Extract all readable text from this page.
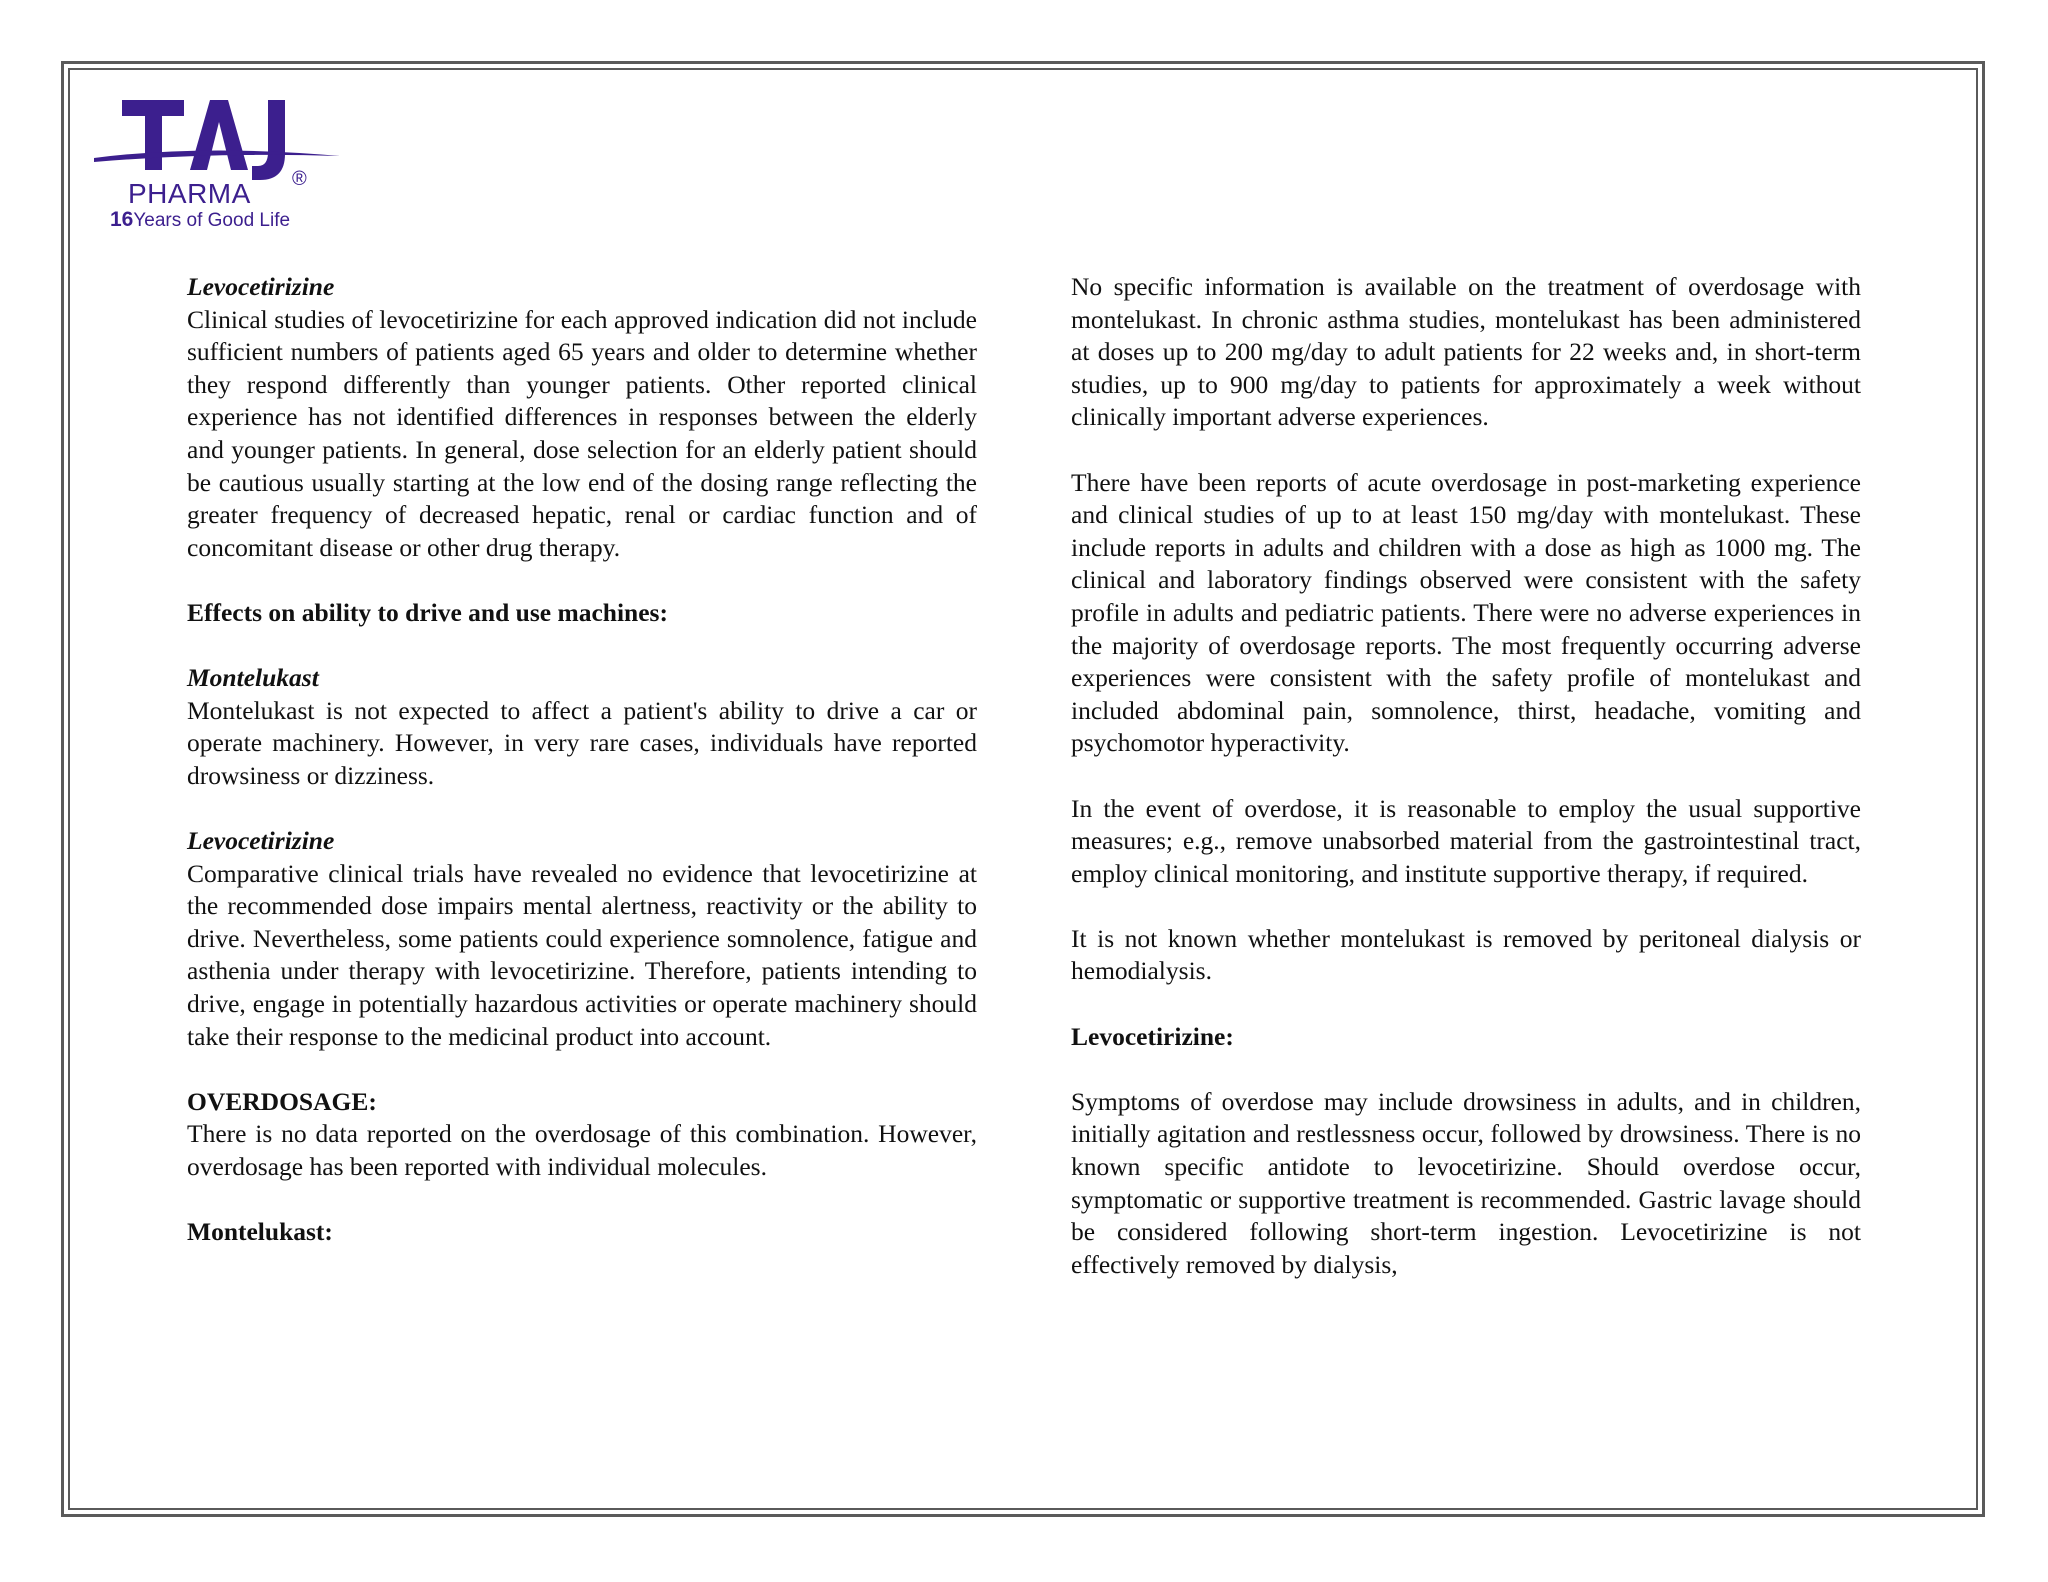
®
PHARMA
16Years of Good Life

Levocetirizine

Clinical studies of levocetirizine for each approved indication did not include sufficient numbers of patients aged 65 years and older to determine whether they respond differently than younger patients. Other reported clinical experience has not identified differences in responses between the elderly and younger patients. In general, dose selection for an elderly patient should be cautious usually starting at the low end of the dosing range reflecting the greater frequency of decreased hepatic, renal or cardiac function and of concomitant disease or other drug therapy.

Effects on ability to drive and use machines:

Montelukast

Montelukast is not expected to affect a patient's ability to drive a car or operate machinery. However, in very rare cases, individuals have reported drowsiness or dizziness.

Levocetirizine

Comparative clinical trials have revealed no evidence that levocetirizine at the recommended dose impairs mental alertness, reactivity or the ability to drive. Nevertheless, some patients could experience somnolence, fatigue and asthenia under therapy with levocetirizine. Therefore, patients intending to drive, engage in potentially hazardous activities or operate machinery should take their response to the medicinal product into account.

OVERDOSAGE:

There is no data reported on the overdosage of this combination. However, overdosage has been reported with individual molecules.

Montelukast:

No specific information is available on the treatment of overdosage with montelukast. In chronic asthma studies, montelukast has been administered at doses up to 200 mg/day to adult patients for 22 weeks and, in short-term studies, up to 900 mg/day to patients for approximately a week without clinically important adverse experiences.

There have been reports of acute overdosage in post-marketing experience and clinical studies of up to at least 150 mg/day with montelukast. These include reports in adults and children with a dose as high as 1000 mg. The clinical and laboratory findings observed were consistent with the safety profile in adults and pediatric patients. There were no adverse experiences in the majority of overdosage reports. The most frequently occurring adverse experiences were consistent with the safety profile of montelukast and included abdominal pain, somnolence, thirst, headache, vomiting and psychomotor hyperactivity.

In the event of overdose, it is reasonable to employ the usual supportive measures; e.g., remove unabsorbed material from the gastrointestinal tract, employ clinical monitoring, and institute supportive therapy, if required.

It is not known whether montelukast is removed by peritoneal dialysis or hemodialysis.

Levocetirizine:

Symptoms of overdose may include drowsiness in adults, and in children, initially agitation and restlessness occur, followed by drowsiness. There is no known specific antidote to levocetirizine. Should overdose occur, symptomatic or supportive treatment is recommended. Gastric lavage should be considered following short-term ingestion. Levocetirizine is not effectively removed by dialysis,
